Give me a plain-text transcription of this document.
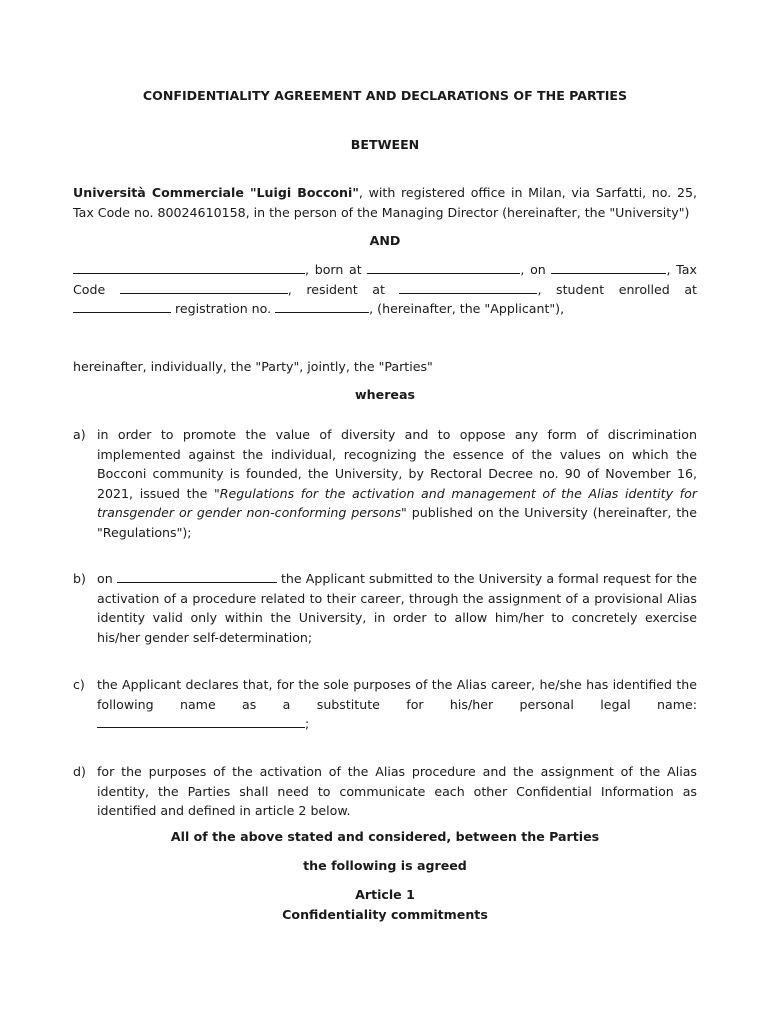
CONFIDENTIALITY AGREEMENT AND DECLARATIONS OF THE PARTIES
BETWEEN
Università Commerciale "Luigi Bocconi", with registered office in Milan, via Sarfatti, no. 25, Tax Code no. 80024610158, in the person of the Managing Director (hereinafter, the "University")
AND
, born at	, on	, Tax
Code	, resident at	, student enrolled at
registration no.	, (hereinafter, the "Applicant"),
hereinafter, individually, the "Party", jointly, the "Parties"
whereas
a) in order to promote the value of diversity and to oppose any form of discrimination implemented against the individual, recognizing the essence of the values on which the Bocconi community is founded, the University, by Rectoral Decree no. 90 of November 16, 2021, issued the "Regulations for the activation and management of the Alias identity for transgender or gender non-conforming persons" published on the University (hereinafter, the "Regulations");
b) on	the Applicant submitted to the University a formal request for the activation of a procedure related to their career, through the assignment of a provisional Alias identity valid only within the University, in order to allow him/her to concretely exercise his/her gender self-determination;
c) the Applicant declares that, for the sole purposes of the Alias career, he/she has identified the following name as a substitute for his/her personal legal name:
;
d) for the purposes of the activation of the Alias procedure and the assignment of the Alias identity, the Parties shall need to communicate each other Confidential Information as identified and defined in article 2 below.
All of the above stated and considered, between the Parties
the following is agreed
Article 1
Confidentiality commitments
